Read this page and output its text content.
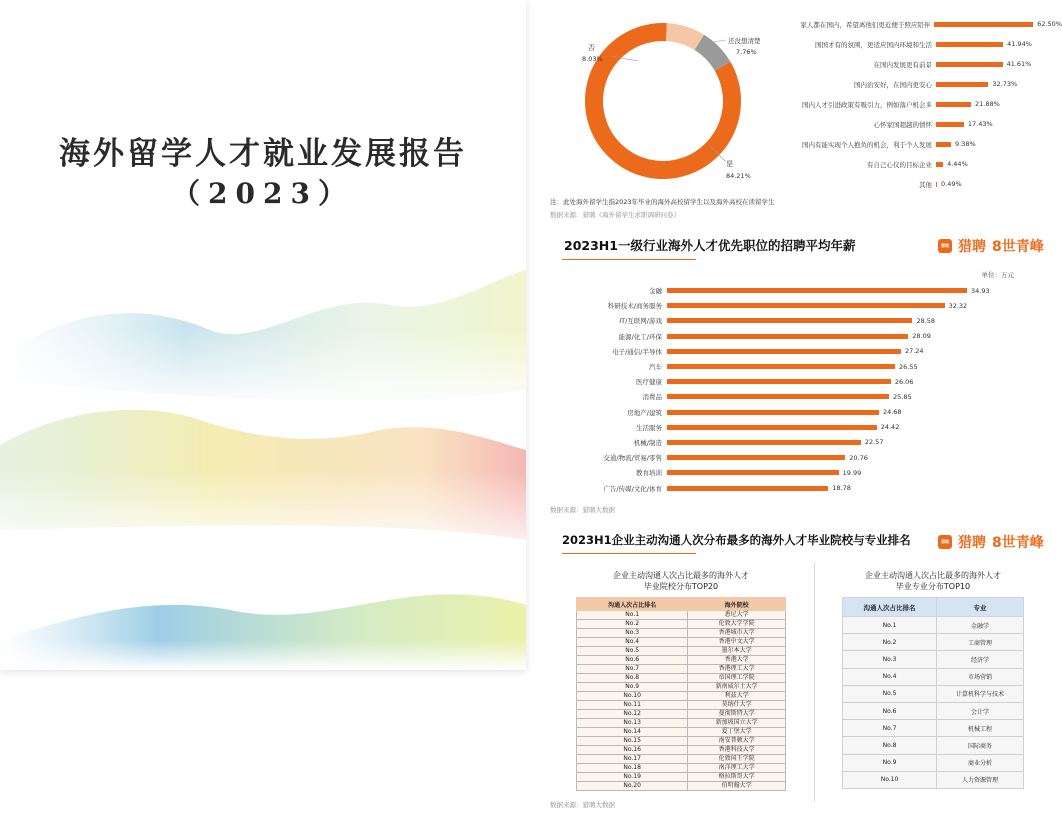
海外留学人才就业发展报告
（2023）
否
8.03%
还没想清楚
7.76%
是
84.21%
家人都在国内，希望离他们更近便于照应陪伴	62.50%
国国才有的氛围，更适应国内环境和生活	41.94%
在国内发展更有前景	41.61%
国内治安好，在国内更安心	32.73%
国内人才引进政策有吸引力，例如落户机会多	21.88%
心怀家国超越的情怀	17.43%
国内有能实现个人抱负的机会，利于个人发展	9.38%
有自己心仪的目标企业	4.44%
其他	0.49%
注：此处海外留学生指2023年毕业的海外高校留学生以及海外高校在读留学生
数据来源：猎聘《海外留学生求职调研问卷》
2023H1一级行业海外人才优先职位的招聘平均年薪	猎聘 猎聘 8世青峰
单位：万元
金融	34.93
科研技术/商务服务	32.32
IT/互联网/游戏	28.58
能源/化工/环保	28.09
电子/通信/半导体	27.24
汽车	26.55
医疗健康	26.06
消费品	25.85
房地产/建筑	24.68
生活服务	24.42
机械/制造	22.57
交通/物流/贸易/零售	20.76
教育培训	19.99
广告/传媒/文化/体育	18.78
数据来源：猎聘大数据
2023H1企业主动沟通人次分布最多的海外人才毕业院校与专业排名	猎聘 猎聘 8世青峰
企业主动沟通人次占比最多的海外人才
毕业院校分布TOP20
企业主动沟通人次占比最多的海外人才
毕业专业分布TOP10
沟通人次占比排名	海外院校
No.1	悉尼大学
No.2	伦敦大学学院
No.3	香港城市大学
No.4	香港中文大学
No.5	墨尔本大学
No.6	香港大学
No.7	香港理工大学
No.8	帝国理工学院
No.9	新南威尔士大学
No.10	利兹大学
No.11	莫纳什大学
No.12	曼彻斯特大学
No.13	新加坡国立大学
No.14	爱丁堡大学
No.15	南安普顿大学
No.16	香港科技大学
No.17	伦敦国王学院
No.18	南洋理工大学
No.19	格拉斯哥大学
No.20	伯明翰大学
沟通人次占比排名	专业
No.1	金融学
No.2	工商管理
No.3	经济学
No.4	市场营销
No.5	计算机科学与技术
No.6	会计学
No.7	机械工程
No.8	国际商务
No.9	商业分析
No.10	人力资源管理
数据来源：猎聘大数据
